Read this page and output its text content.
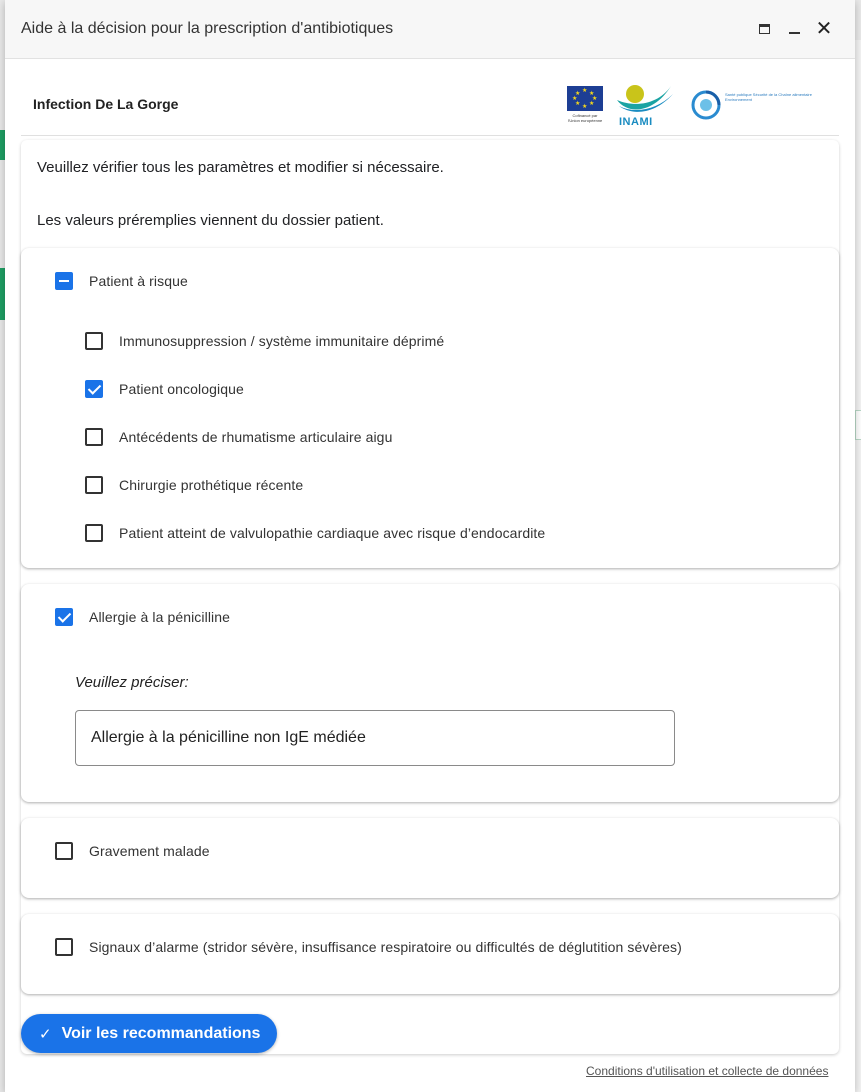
Aide à la décision pour la prescription d'antibiotiques	✕
Infection De La Gorge
★ ★
★
★
★
★
★
★
Cofinancé par l'Union européenne INAMI
Santé publique Sécurité de la Chaîne alimentaire Environnement
Veuillez vérifier tous les paramètres et modifier si nécessaire.
Les valeurs préremplies viennent du dossier patient.
Patient à risque
Immunosuppression / système immunitaire déprimé
Patient oncologique
Antécédents de rhumatisme articulaire aigu
Chirurgie prothétique récente
Patient atteint de valvulopathie cardiaque avec risque d’endocardite
Allergie à la pénicilline
Veuillez préciser:
Allergie à la pénicilline non IgE médiée
Gravement malade
Signaux d’alarme (stridor sévère, insuffisance respiratoire ou difficultés de déglutition sévères)
✓ Voir les recommandations
Conditions d'utilisation et collecte de données
